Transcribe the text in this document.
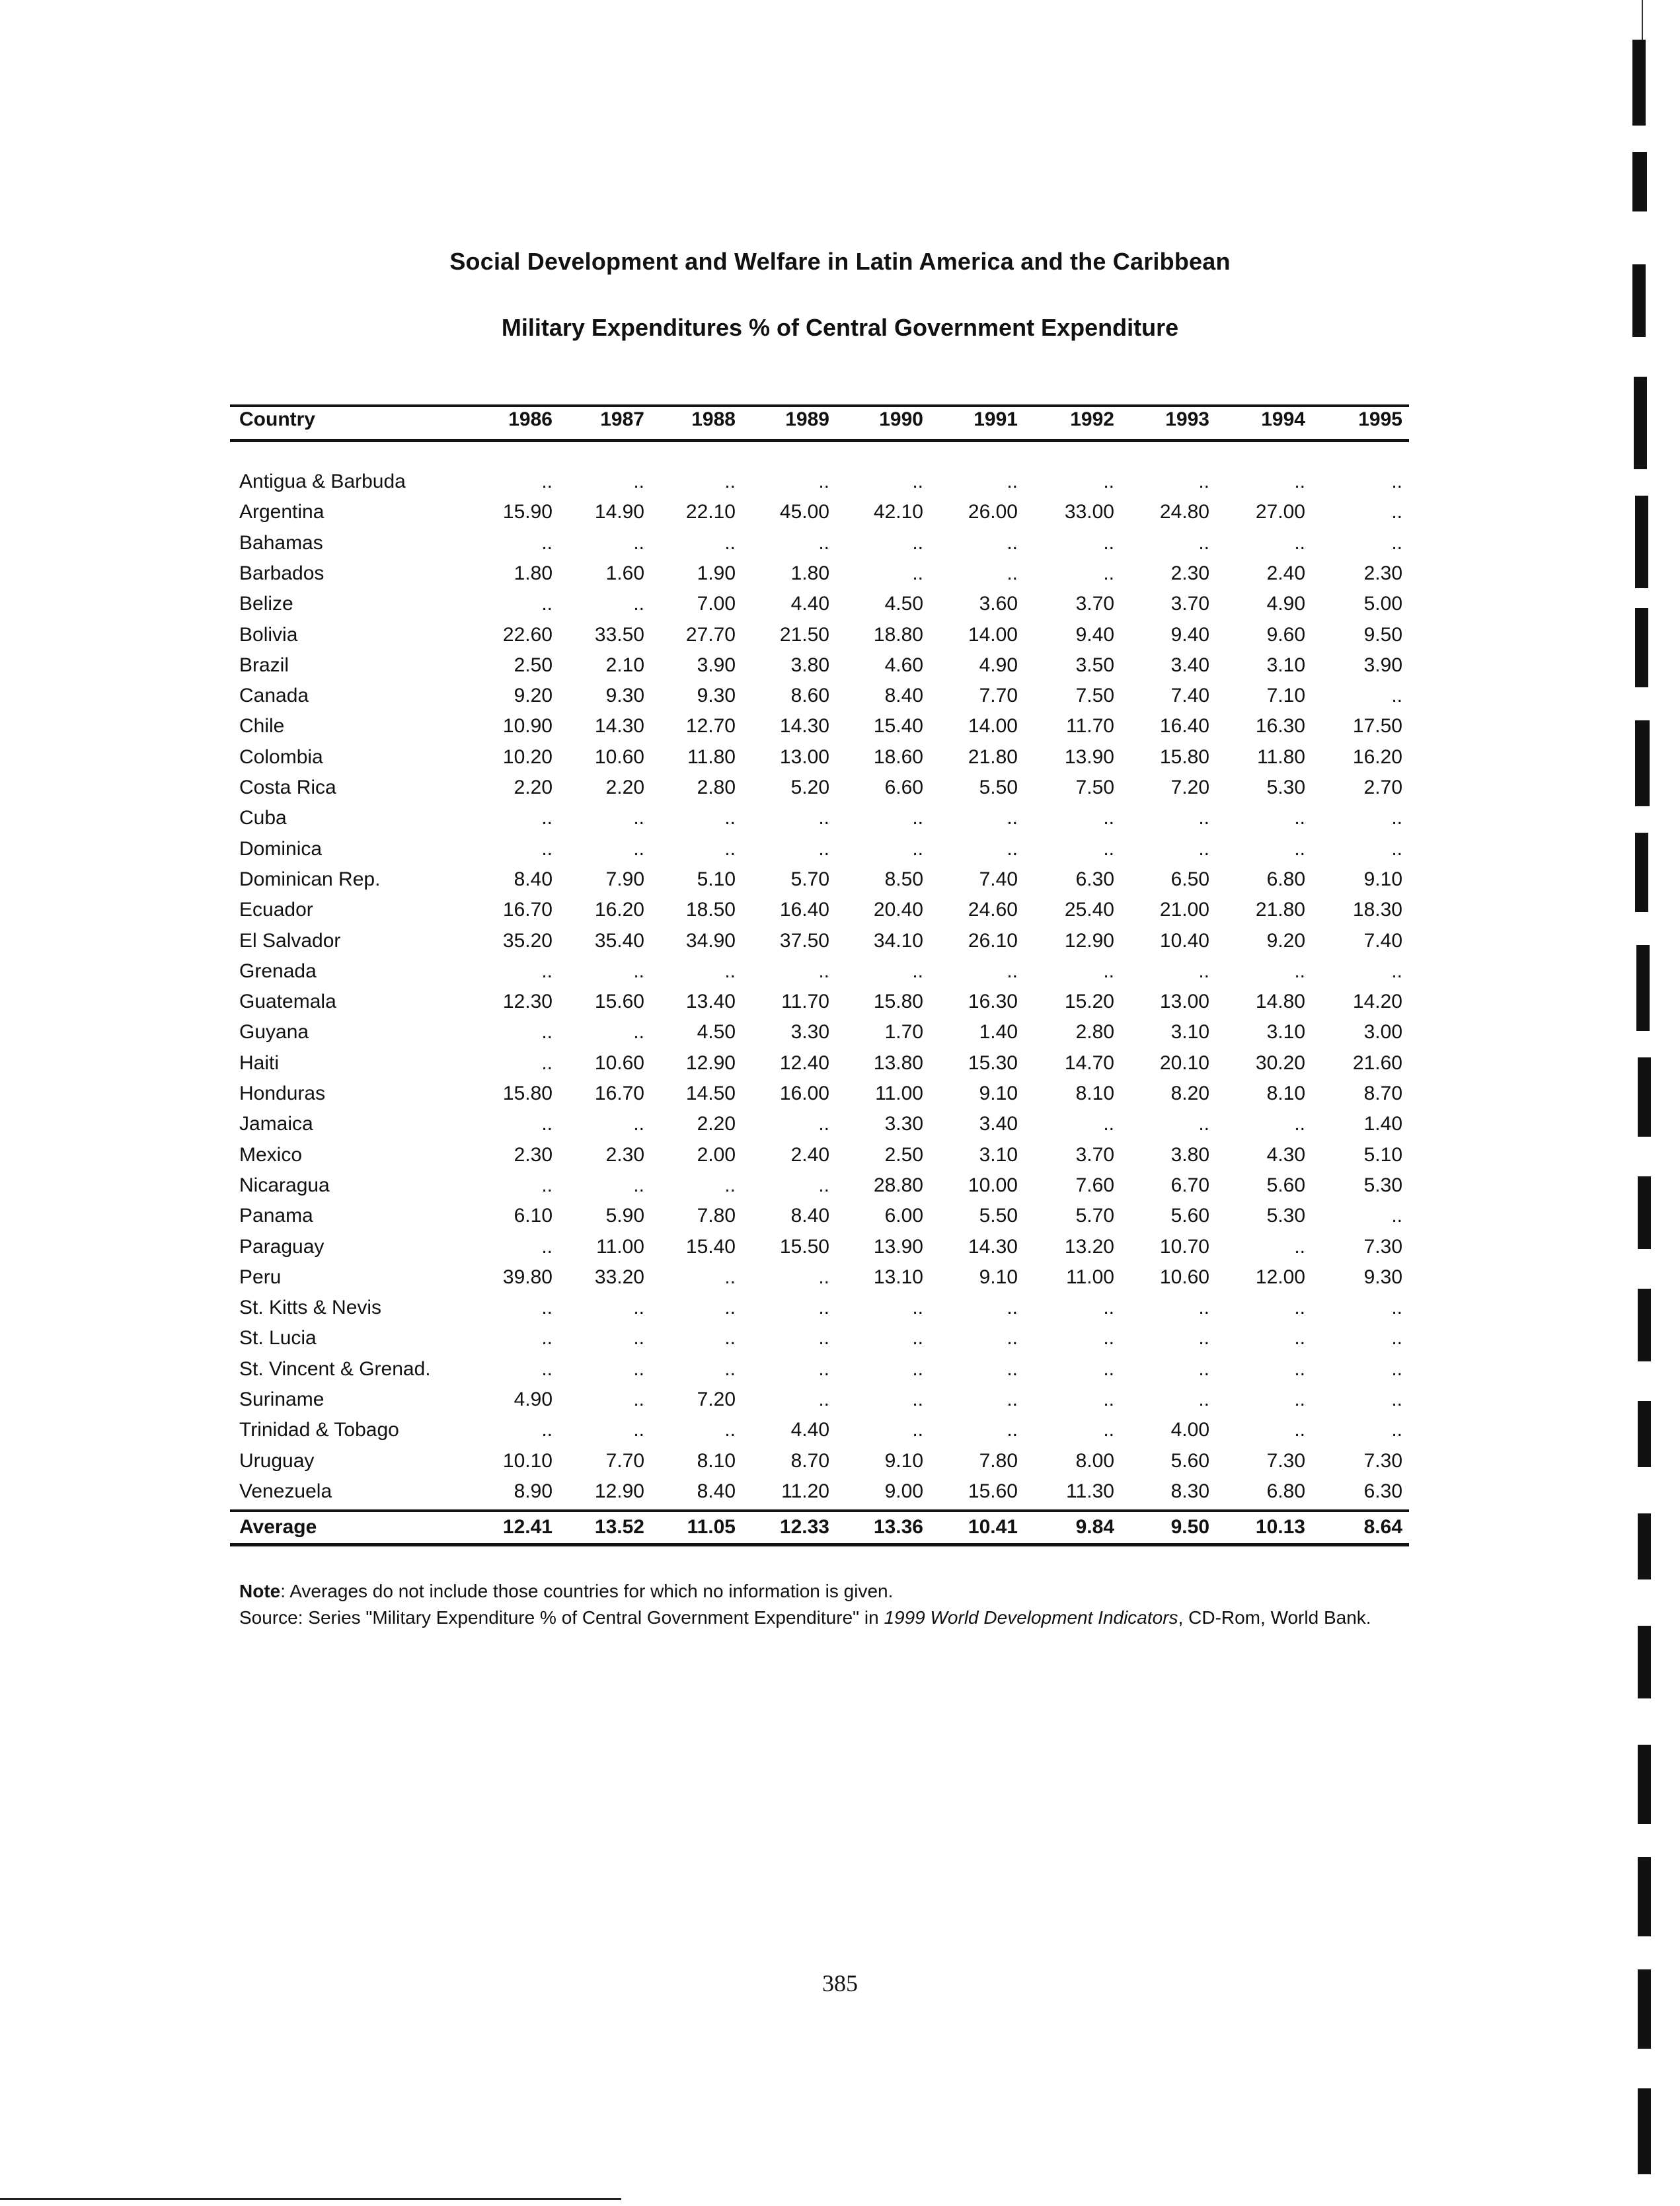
Social Development and Welfare in Latin America and the Caribbean
Military Expenditures % of Central Government Expenditure
Country	1986	1987	1988	1989	1990	1991	1992	1993	1994	1995
Antigua & Barbuda	..	..	..	..	..	..	..	..	..	..
Argentina	15.90	14.90	22.10	45.00	42.10	26.00	33.00	24.80	27.00	..
Bahamas	..	..	..	..	..	..	..	..	..	..
Barbados	1.80	1.60	1.90	1.80	..	..	..	2.30	2.40	2.30
Belize	..	..	7.00	4.40	4.50	3.60	3.70	3.70	4.90	5.00
Bolivia	22.60	33.50	27.70	21.50	18.80	14.00	9.40	9.40	9.60	9.50
Brazil	2.50	2.10	3.90	3.80	4.60	4.90	3.50	3.40	3.10	3.90
Canada	9.20	9.30	9.30	8.60	8.40	7.70	7.50	7.40	7.10	..
Chile	10.90	14.30	12.70	14.30	15.40	14.00	11.70	16.40	16.30	17.50
Colombia	10.20	10.60	11.80	13.00	18.60	21.80	13.90	15.80	11.80	16.20
Costa Rica	2.20	2.20	2.80	5.20	6.60	5.50	7.50	7.20	5.30	2.70
Cuba	..	..	..	..	..	..	..	..	..	..
Dominica	..	..	..	..	..	..	..	..	..	..
Dominican Rep.	8.40	7.90	5.10	5.70	8.50	7.40	6.30	6.50	6.80	9.10
Ecuador	16.70	16.20	18.50	16.40	20.40	24.60	25.40	21.00	21.80	18.30
El Salvador	35.20	35.40	34.90	37.50	34.10	26.10	12.90	10.40	9.20	7.40
Grenada	..	..	..	..	..	..	..	..	..	..
Guatemala	12.30	15.60	13.40	11.70	15.80	16.30	15.20	13.00	14.80	14.20
Guyana	..	..	4.50	3.30	1.70	1.40	2.80	3.10	3.10	3.00
Haiti	..	10.60	12.90	12.40	13.80	15.30	14.70	20.10	30.20	21.60
Honduras	15.80	16.70	14.50	16.00	11.00	9.10	8.10	8.20	8.10	8.70
Jamaica	..	..	2.20	..	3.30	3.40	..	..	..	1.40
Mexico	2.30	2.30	2.00	2.40	2.50	3.10	3.70	3.80	4.30	5.10
Nicaragua	..	..	..	..	28.80	10.00	7.60	6.70	5.60	5.30
Panama	6.10	5.90	7.80	8.40	6.00	5.50	5.70	5.60	5.30	..
Paraguay	..	11.00	15.40	15.50	13.90	14.30	13.20	10.70	..	7.30
Peru	39.80	33.20	..	..	13.10	9.10	11.00	10.60	12.00	9.30
St. Kitts & Nevis	..	..	..	..	..	..	..	..	..	..
St. Lucia	..	..	..	..	..	..	..	..	..	..
St. Vincent & Grenad.	..	..	..	..	..	..	..	..	..	..
Suriname	4.90	..	7.20	..	..	..	..	..	..	..
Trinidad & Tobago	..	..	..	4.40	..	..	..	4.00	..	..
Uruguay	10.10	7.70	8.10	8.70	9.10	7.80	8.00	5.60	7.30	7.30
Venezuela	8.90	12.90	8.40	11.20	9.00	15.60	11.30	8.30	6.80	6.30
Average	12.41	13.52	11.05	12.33	13.36	10.41	9.84	9.50	10.13	8.64
Note: Averages do not include those countries for which no information is given.
Source: Series "Military Expenditure % of Central Government Expenditure" in 1999 World Development Indicators, CD-Rom, World Bank.
385
